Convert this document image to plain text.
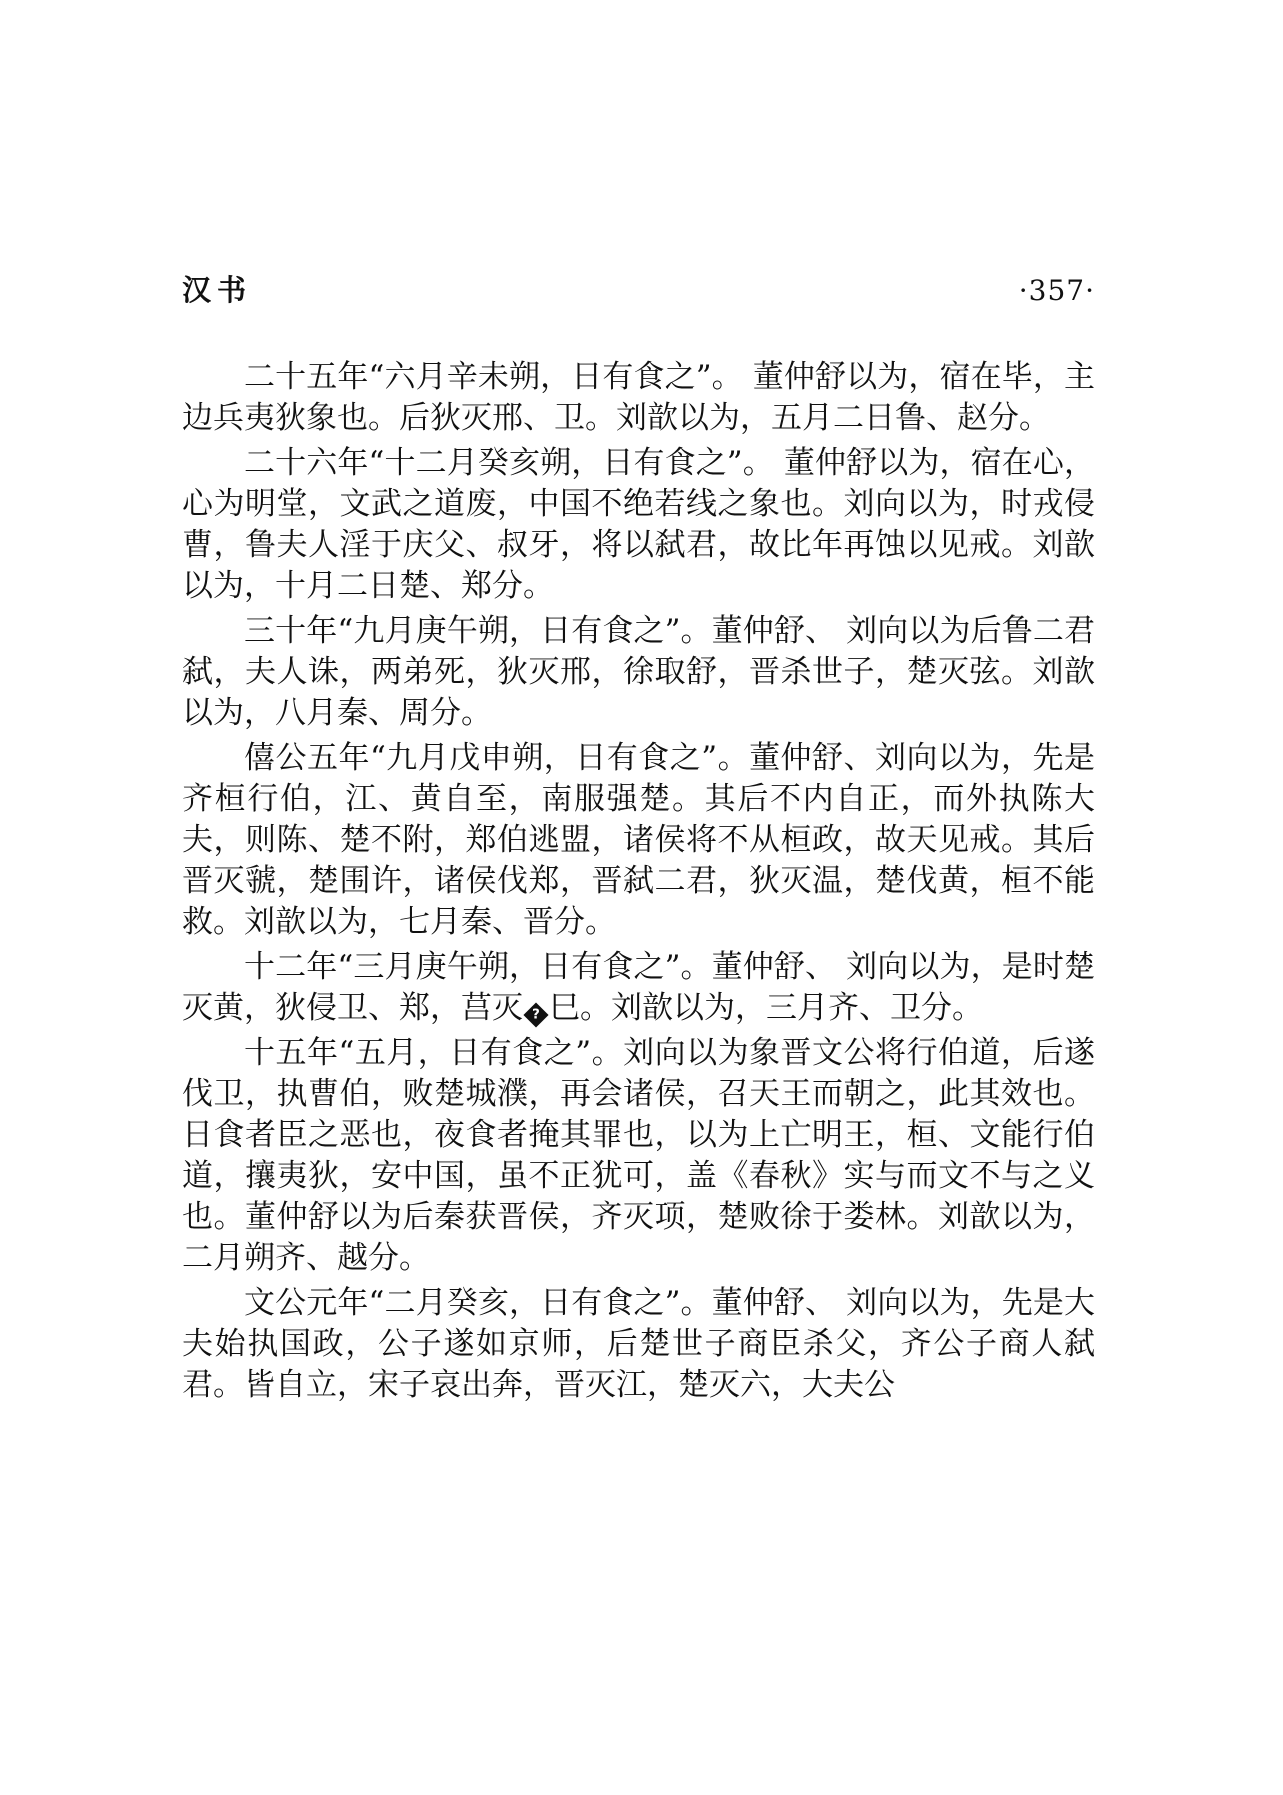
汉书	·357·

二十五年“六月辛未朔，日有食之”。 董仲舒以为，宿在毕，主边兵夷狄象也。后狄灭邢、卫。刘歆以为，五月二日鲁、赵分。

二十六年“十二月癸亥朔，日有食之”。 董仲舒以为，宿在心，心为明堂，文武之道废，中国不绝若线之象也。刘向以为，时戎侵曹，鲁夫人淫于庆父、叔牙，将以弑君，故比年再蚀以见戒。刘歆以为，十月二日楚、郑分。

三十年“九月庚午朔，日有食之”。董仲舒、 刘向以为后鲁二君弑，夫人诛，两弟死，狄灭邢，徐取舒，晋杀世子，楚灭弦。刘歆以为，八月秦、周分。

僖公五年“九月戊申朔，日有食之”。董仲舒、刘向以为，先是齐桓行伯，江、黄自至，南服强楚。其后不内自正，而外执陈大夫，则陈、楚不附，郑伯逃盟，诸侯将不从桓政，故天见戒。其后晋灭虢，楚围许，诸侯伐郑，晋弑二君，狄灭温，楚伐黄，桓不能救。刘歆以为，七月秦、晋分。

十二年“三月庚午朔，日有食之”。董仲舒、 刘向以为，是时楚灭黄，狄侵卫、郑，莒灭 ? 巳。刘歆以为，三月齐、卫分。

十五年“五月，日有食之”。刘向以为象晋文公将行伯道，后遂伐卫，执曹伯，败楚城濮，再会诸侯，召天王而朝之，此其效也。日食者臣之恶也，夜食者掩其罪也，以为上亡明王，桓、文能行伯道，攘夷狄，安中国，虽不正犹可，盖《春秋》实与而文不与之义也。董仲舒以为后秦获晋侯，齐灭项，楚败徐于娄林。刘歆以为，二月朔齐、越分。

文公元年“二月癸亥，日有食之”。董仲舒、 刘向以为，先是大夫始执国政，公子遂如京师，后楚世子商臣杀父，齐公子商人弑君。皆自立，宋子哀出奔，晋灭江，楚灭六，大夫公
